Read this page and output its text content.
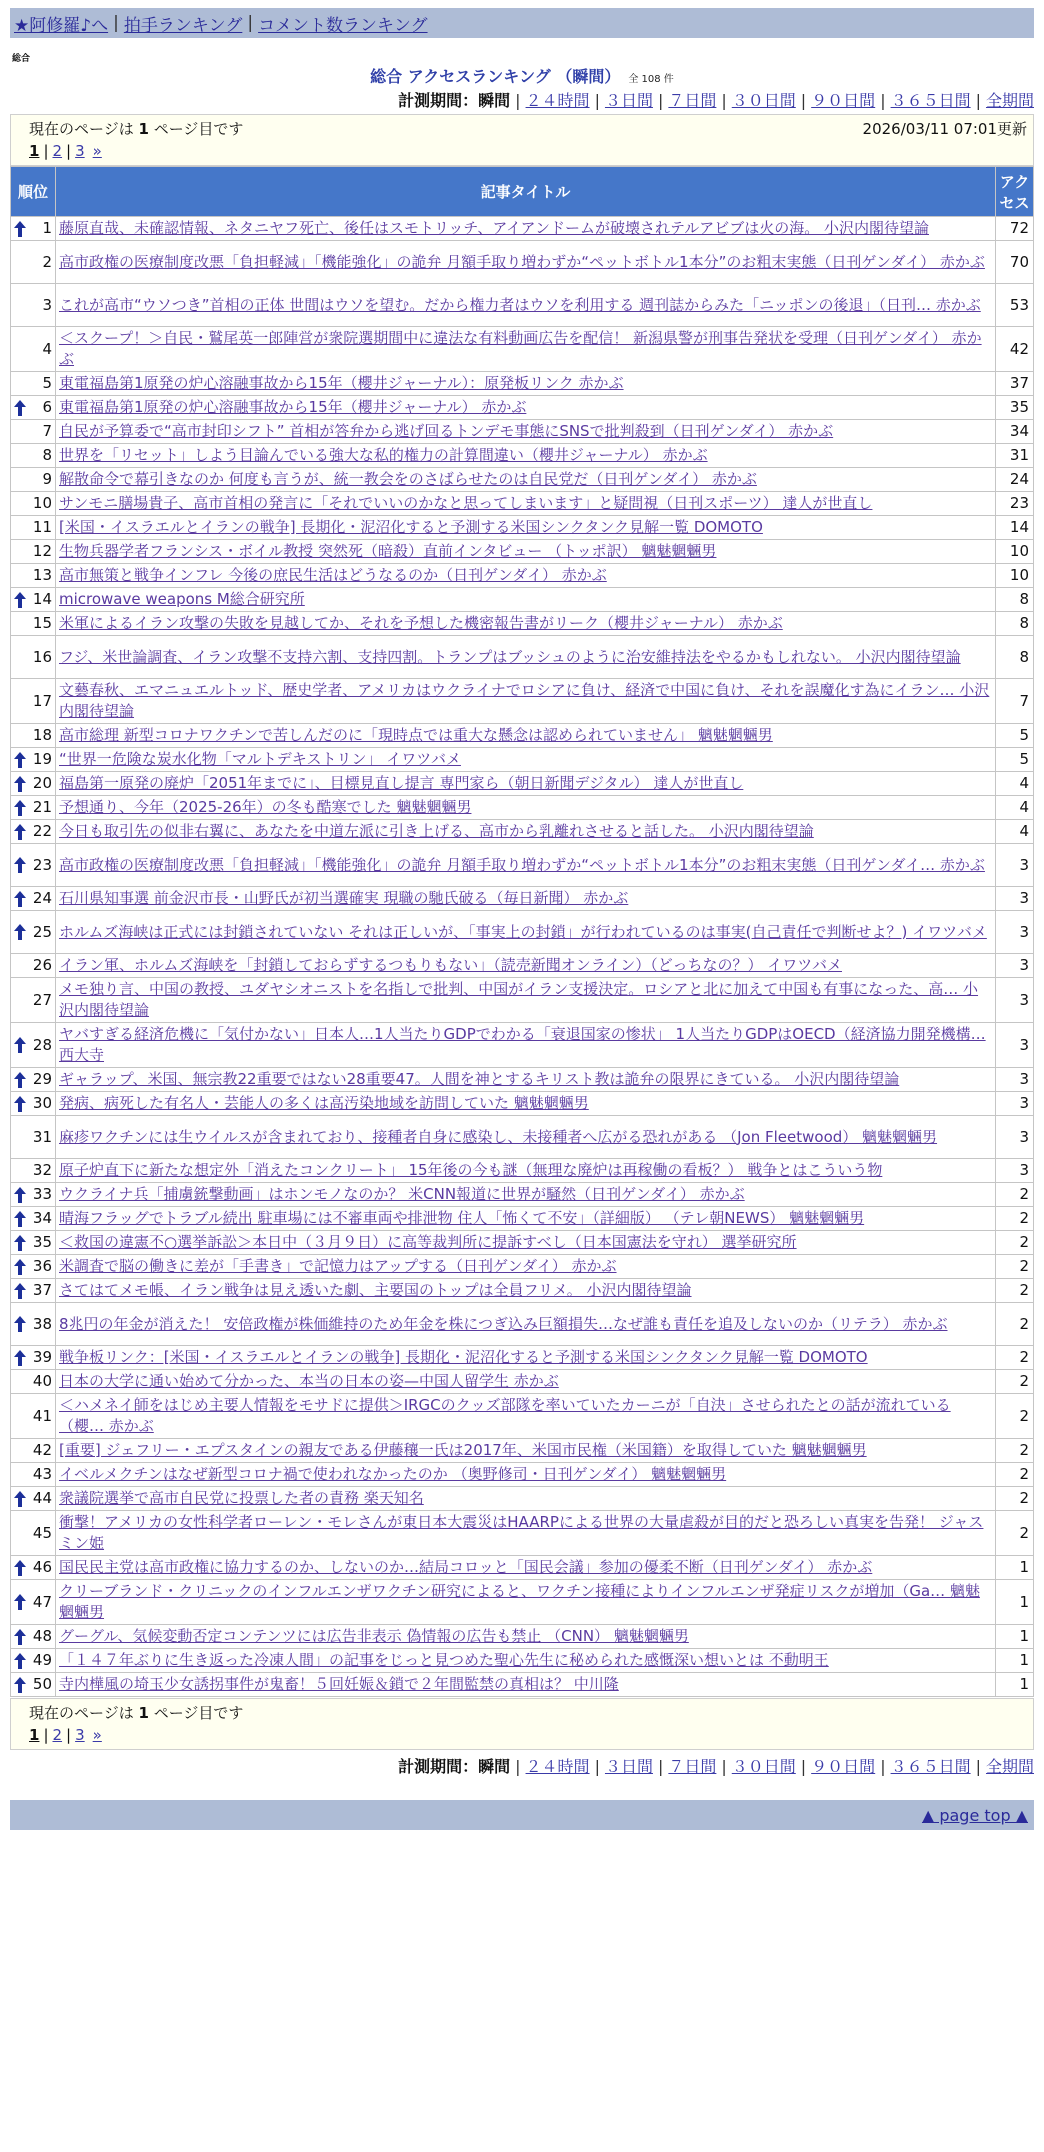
★阿修羅♪へ | 拍手ランキング | コメント数ランキング
総合
総合 アクセスランキング （瞬間） 全 108 件
計測期間：瞬間 | ２４時間 | ３日間 | ７日間 | ３０日間 | ９０日間 | ３６５日間 | 全期間
現在のページは 1 ページ目です	2026/03/11 07:01更新
1 | 2 | 3 »
順位	記事タイトル	アクセス

1	藤原直哉、未確認情報、ネタニヤフ死亡、後任はスモトリッチ、アイアンドームが破壊されテルアビブは火の海。 小沢内閣待望論	72
2	高市政権の医療制度改悪「負担軽減」「機能強化」の詭弁 月額手取り増わずか“ペットボトル1本分”のお粗末実態（日刊ゲンダイ） 赤かぶ	70
3	これが高市“ウソつき”首相の正体 世間はウソを望む。だから権力者はウソを利用する 週刊誌からみた「ニッポンの後退」（日刊… 赤かぶ	53
4	＜スクープ！＞自民・鷲尾英一郎陣営が衆院選期間中に違法な有料動画広告を配信！ 新潟県警が刑事告発状を受理（日刊ゲンダイ） 赤かぶ	42
5	東電福島第1原発の炉心溶融事故から15年（櫻井ジャーナル）：原発板リンク 赤かぶ	37

6	東電福島第1原発の炉心溶融事故から15年（櫻井ジャーナル） 赤かぶ	35
7	自民が予算委で“高市封印シフト” 首相が答弁から逃げ回るトンデモ事態にSNSで批判殺到（日刊ゲンダイ） 赤かぶ	34
8	世界を「リセット」しよう目論んでいる強大な私的権力の計算間違い（櫻井ジャーナル） 赤かぶ	31
9	解散命令で幕引きなのか 何度も言うが、統一教会をのさばらせたのは自民党だ（日刊ゲンダイ） 赤かぶ	24
10	サンモニ膳場貴子、高市首相の発言に「それでいいのかなと思ってしまいます」と疑問視（日刊スポーツ） 達人が世直し	23
11	[米国・イスラエルとイランの戦争] 長期化・泥沼化すると予測する米国シンクタンク見解一覧 DOMOTO	14
12	生物兵器学者フランシス・ボイル教授 突然死（暗殺）直前インタビュー （トッポ訳） 魑魅魍魎男	10
13	高市無策と戦争インフレ 今後の庶民生活はどうなるのか（日刊ゲンダイ） 赤かぶ	10

14	microwave weapons M総合研究所	8
15	米軍によるイラン攻撃の失敗を見越してか、それを予想した機密報告書がリーク（櫻井ジャーナル） 赤かぶ	8
16	フジ、米世論調査、イラン攻撃不支持六割、支持四割。トランプはブッシュのように治安維持法をやるかもしれない。 小沢内閣待望論	8
17	文藝春秋、エマニュエルトッド、歴史学者、アメリカはウクライナでロシアに負け、経済で中国に負け、それを誤魔化す為にイラン… 小沢内閣待望論	7
18	高市総理 新型コロナワクチンで苦しんだのに「現時点では重大な懸念は認められていません」 魑魅魍魎男	5

19	“世界一危険な炭水化物「マルトデキストリン」 イワツバメ	5

20	福島第一原発の廃炉「2051年までに」、目標見直し提言 専門家ら（朝日新聞デジタル） 達人が世直し	4

21	予想通り、今年（2025-26年）の冬も酷寒でした 魑魅魍魎男	4

22	今日も取引先の似非右翼に、あなたを中道左派に引き上げる、高市から乳離れさせると話した。 小沢内閣待望論	4

23	高市政権の医療制度改悪「負担軽減」「機能強化」の詭弁 月額手取り増わずか“ペットボトル1本分”のお粗末実態（日刊ゲンダイ… 赤かぶ	3

24	石川県知事選 前金沢市長・山野氏が初当選確実 現職の馳氏破る（毎日新聞） 赤かぶ	3

25	ホルムズ海峡は正式には封鎖されていない それは正しいが、「事実上の封鎖」が行われているのは事実(自己責任で判断せよ？) イワツバメ	3
26	イラン軍、ホルムズ海峡を「封鎖しておらずするつもりもない」（読売新聞オンライン）（どっちなの？） イワツバメ	3
27	メモ独り言、中国の教授、ユダヤシオニストを名指しで批判、中国がイラン支援決定。ロシアと北に加えて中国も有事になった、高… 小沢内閣待望論	3

28	ヤバすぎる経済危機に「気付かない」日本人…1人当たりGDPでわかる「衰退国家の惨状」 1人当たりGDPはOECD（経済協力開発機構… 西大寺	3

29	ギャラップ、米国、無宗教22重要ではない28重要47。人間を神とするキリスト教は詭弁の限界にきている。 小沢内閣待望論	3

30	発病、病死した有名人・芸能人の多くは高汚染地域を訪問していた 魑魅魍魎男	3
31	麻疹ワクチンには生ウイルスが含まれており、接種者自身に感染し、未接種者へ広がる恐れがある （Jon Fleetwood） 魑魅魍魎男	3
32	原子炉直下に新たな想定外「消えたコンクリート」 15年後の今も謎（無理な廃炉は再稼働の看板？） 戦争とはこういう物	3

33	ウクライナ兵「捕虜銃撃動画」はホンモノなのか？ 米CNN報道に世界が騒然（日刊ゲンダイ） 赤かぶ	2

34	晴海フラッグでトラブル続出 駐車場には不審車両や排泄物 住人「怖くて不安」（詳細版） （テレ朝NEWS） 魑魅魍魎男	2

35	＜救国の違憲不○選挙訴訟＞本日中（３月９日）に高等裁判所に提訴すべし（日本国憲法を守れ） 選挙研究所	2

36	米調査で脳の働きに差が「手書き」で記憶力はアップする（日刊ゲンダイ） 赤かぶ	2

37	さてはてメモ帳、イラン戦争は見え透いた劇、主要国のトップは全員フリメ。 小沢内閣待望論	2

38	8兆円の年金が消えた！ 安倍政権が株価維持のため年金を株につぎ込み巨額損失…なぜ誰も責任を追及しないのか（リテラ） 赤かぶ	2

39	戦争板リンク：[米国・イスラエルとイランの戦争] 長期化・泥沼化すると予測する米国シンクタンク見解一覧 DOMOTO	2
40	日本の大学に通い始めて分かった、本当の日本の姿—中国人留学生 赤かぶ	2
41	＜ハメネイ師をはじめ主要人情報をモサドに提供＞IRGCのクッズ部隊を率いていたカーニが「自決」させられたとの話が流れている（櫻… 赤かぶ	2
42	[重要] ジェフリー・エプスタインの親友である伊藤穰一氏は2017年、米国市民権（米国籍）を取得していた 魑魅魍魎男	2
43	イベルメクチンはなぜ新型コロナ禍で使われなかったのか （奥野修司・日刊ゲンダイ） 魑魅魍魎男	2

44	衆議院選挙で高市自民党に投票した者の責務 楽天知名	2
45	衝撃！アメリカの女性科学者ローレン・モレさんが東日本大震災はHAARPによる世界の大量虐殺が目的だと恐ろしい真実を告発！ ジャスミン姫	2

46	国民民主党は高市政権に協力するのか、しないのか…結局コロッと「国民会議」参加の優柔不断（日刊ゲンダイ） 赤かぶ	1

47	クリーブランド・クリニックのインフルエンザワクチン研究によると、ワクチン接種によりインフルエンザ発症リスクが増加（Ga… 魑魅魍魎男	1

48	グーグル、気候変動否定コンテンツには広告非表示 偽情報の広告も禁止 （CNN） 魑魅魍魎男	1

49	「１４７年ぶりに生き返った冷凍人間」の記事をじっと見つめた聖心先生に秘められた感慨深い想いとは 不動明王	1

50	寺内樺風の埼玉少女誘拐事件が鬼畜！５回妊娠＆鎖で２年間監禁の真相は？ 中川隆	1
現在のページは 1 ページ目です
1 | 2 | 3 »
計測期間：瞬間 | ２４時間 | ３日間 | ７日間 | ３０日間 | ９０日間 | ３６５日間 | 全期間
▲ page top ▲
